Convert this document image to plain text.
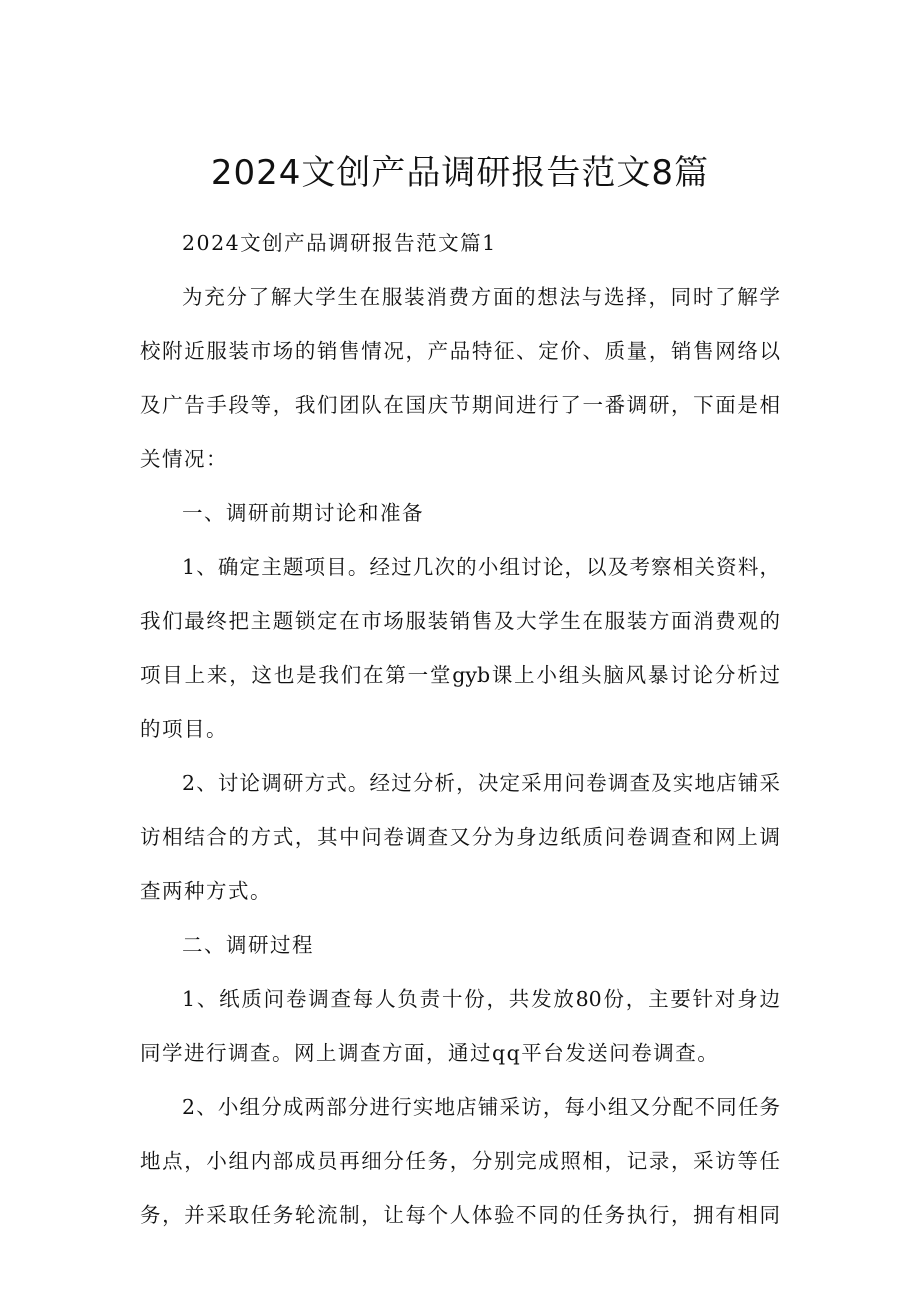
2024文创产品调研报告范文8篇
2024文创产品调研报告范文篇1
为充分了解大学生在服装消费方面的想法与选择，同时了解学
校附近服装市场的销售情况，产品特征、定价、质量，销售网络以
及广告手段等，我们团队在国庆节期间进行了一番调研，下面是相
关情况：
一、调研前期讨论和准备
1、确定主题项目。经过几次的小组讨论，以及考察相关资料，
我们最终把主题锁定在市场服装销售及大学生在服装方面消费观的
项目上来，这也是我们在第一堂gyb课上小组头脑风暴讨论分析过
的项目。
2、讨论调研方式。经过分析，决定采用问卷调查及实地店铺采
访相结合的方式，其中问卷调查又分为身边纸质问卷调查和网上调
查两种方式。
二、调研过程
1、纸质问卷调查每人负责十份，共发放80份，主要针对身边
同学进行调查。网上调查方面，通过qq平台发送问卷调查。
2、小组分成两部分进行实地店铺采访，每小组又分配不同任务
地点，小组内部成员再细分任务，分别完成照相，记录，采访等任
务，并采取任务轮流制，让每个人体验不同的任务执行，拥有相同
